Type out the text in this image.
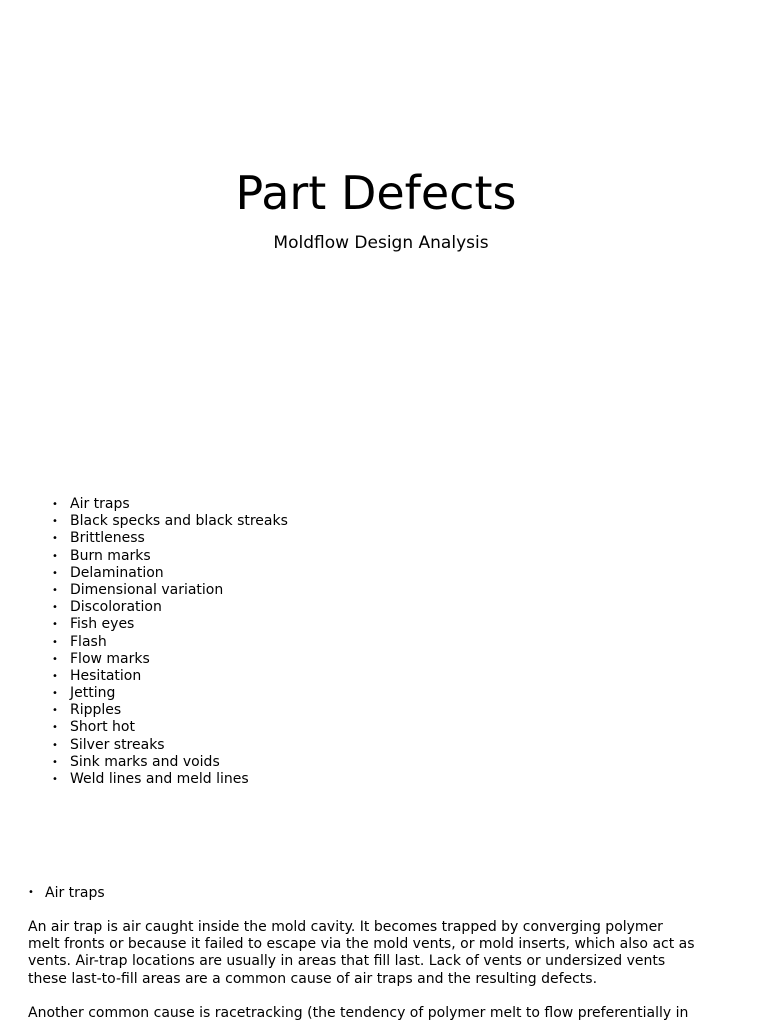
Part Defects
Moldflow Design Analysis
• Air traps
• Black specks and black streaks
• Brittleness
• Burn marks
• Delamination
• Dimensional variation
• Discoloration
• Fish eyes
• Flash
• Flow marks
• Hesitation
• Jetting
• Ripples
• Short hot
• Silver streaks
• Sink marks and voids
• Weld lines and meld lines
• Air traps

An air trap is air caught inside the mold cavity. It becomes trapped by converging polymer
melt fronts or because it failed to escape via the mold vents, or mold inserts, which also act as
vents. Air-trap locations are usually in areas that fill last. Lack of vents or undersized vents
these last-to-fill areas are a common cause of air traps and the resulting defects.

Another common cause is racetracking (the tendency of polymer melt to flow preferentially in
